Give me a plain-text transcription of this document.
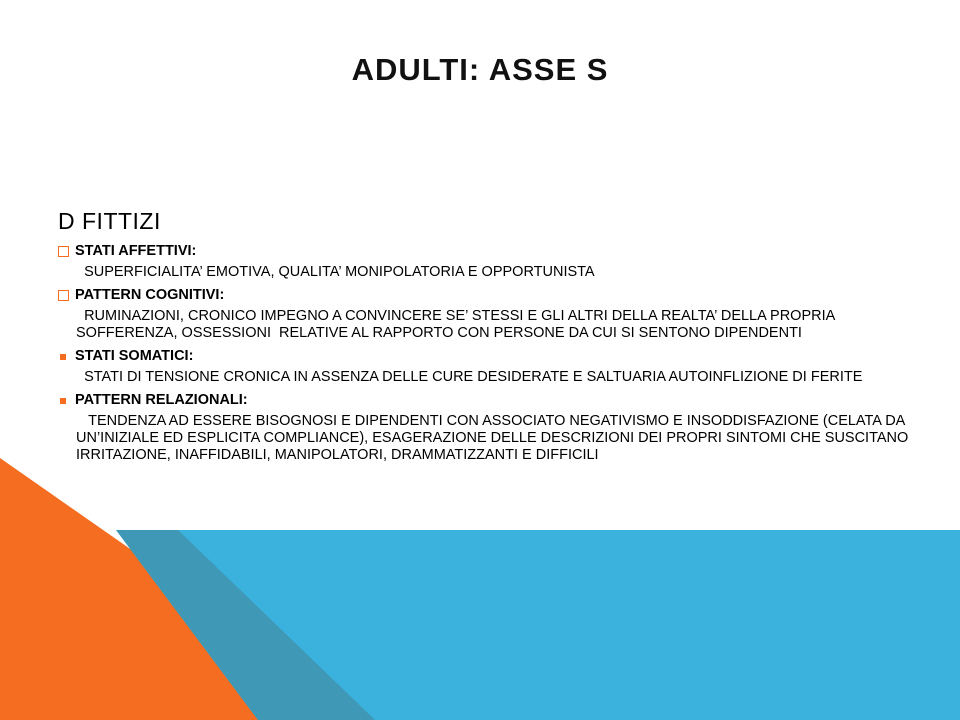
ADULTI: ASSE S
D FITTIZI
STATI AFFETTIVI:
SUPERFICIALITA’ EMOTIVA, QUALITA’ MONIPOLATORIA E OPPORTUNISTA
PATTERN COGNITIVI:
RUMINAZIONI, CRONICO IMPEGNO A CONVINCERE SE’ STESSI E GLI ALTRI DELLA REALTA’ DELLA PROPRIA SOFFERENZA, OSSESSIONI  RELATIVE AL RAPPORTO CON PERSONE DA CUI SI SENTONO DIPENDENTI
STATI SOMATICI:
STATI DI TENSIONE CRONICA IN ASSENZA DELLE CURE DESIDERATE E SALTUARIA AUTOINFLIZIONE DI FERITE
PATTERN RELAZIONALI:
TENDENZA AD ESSERE BISOGNOSI E DIPENDENTI CON ASSOCIATO NEGATIVISMO E INSODDISFAZIONE (CELATA DA UN’INIZIALE ED ESPLICITA COMPLIANCE), ESAGERAZIONE DELLE DESCRIZIONI DEI PROPRI SINTOMI CHE SUSCITANO IRRITAZIONE, INAFFIDABILI, MANIPOLATORI, DRAMMATIZZANTI E DIFFICILI
